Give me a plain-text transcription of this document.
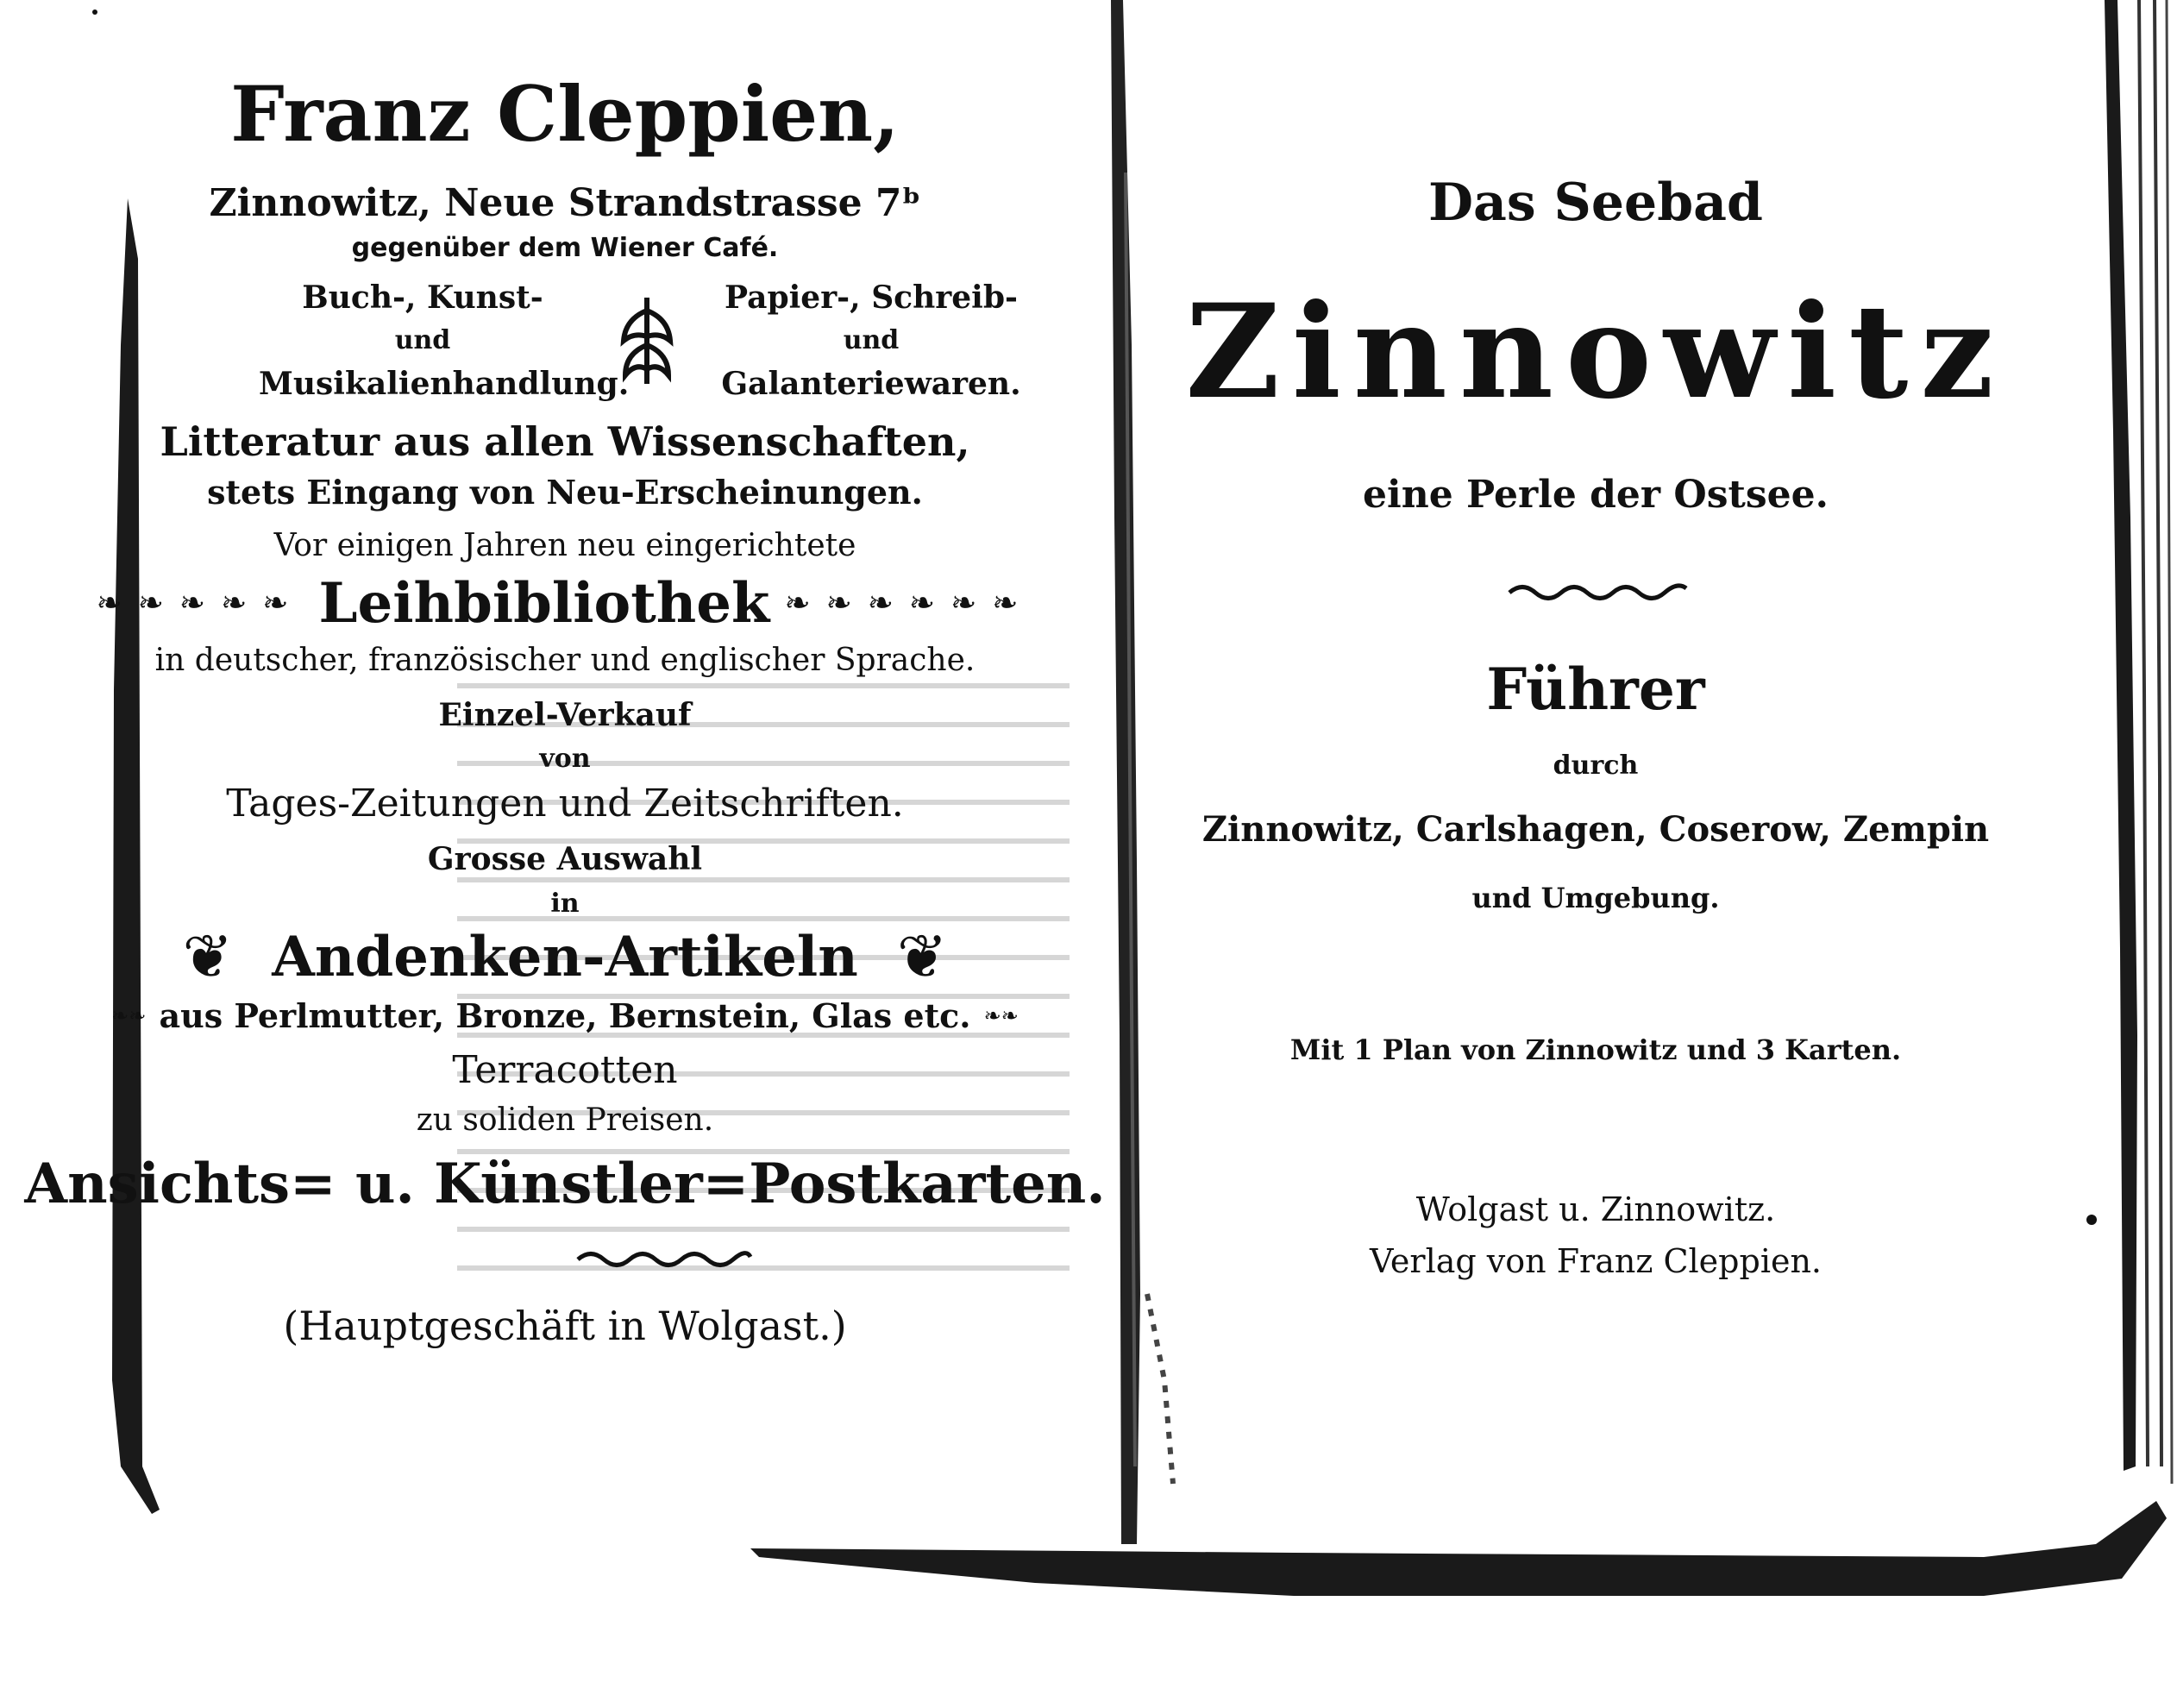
Franz Cleppien,
Zinnowitz, Neue Strandstrasse 7ᵇ
gegenüber dem Wiener Café.
Buch-, Kunst-
und
Musikalienhandlung.
Papier-, Schreib-
und
Galanteriewaren.
Litteratur aus allen Wissenschaften,
stets Eingang von Neu-Erscheinungen.
Vor einigen Jahren neu eingerichtete
❧❧❧❧❧ Leihbibliothek ❧❧❧❧❧❧
in deutscher, französischer und englischer Sprache.
Einzel-Verkauf
von
Tages-Zeitungen und Zeitschriften.
Grosse Auswahl
in
❦ Andenken-Artikeln ❦
❧❧ aus Perlmutter, Bronze, Bernstein, Glas etc. ❧❧
Terracotten
zu soliden Preisen.
Ansichts= u. Künstler=Postkarten.
(Hauptgeschäft in Wolgast.)
Das Seebad
Zinnowitz
eine Perle der Ostsee.
Führer
durch
Zinnowitz, Carlshagen, Coserow, Zempin
und Umgebung.
Mit 1 Plan von Zinnowitz und 3 Karten.
Wolgast u. Zinnowitz.
Verlag von Franz Cleppien.
